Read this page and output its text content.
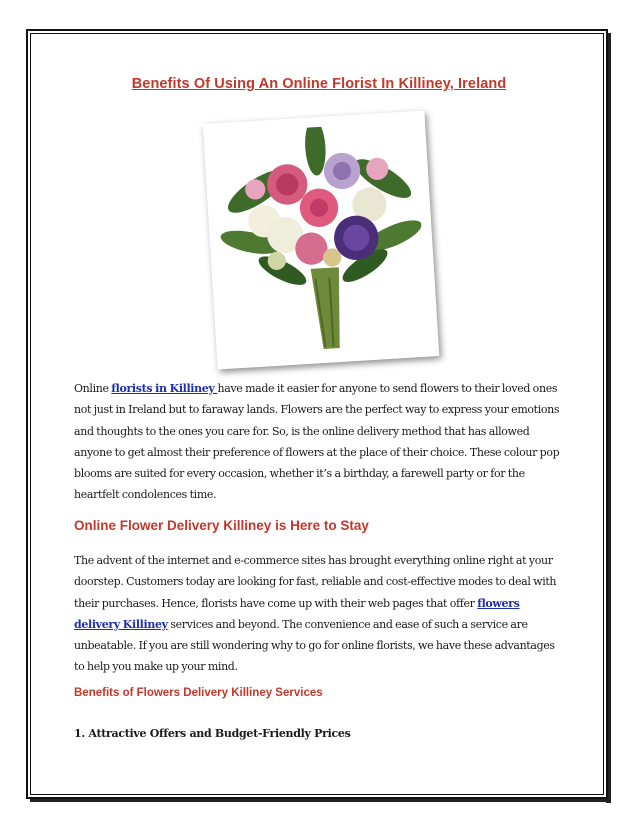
Benefits Of Using An Online Florist In Killiney, Ireland

Online florists in Killiney have made it easier for anyone to send flowers to their loved ones not just in Ireland but to faraway lands. Flowers are the perfect way to express your emotions and thoughts to the ones you care for. So, is the online delivery method that has allowed anyone to get almost their preference of flowers at the place of their choice. These colour pop blooms are suited for every occasion, whether it’s a birthday, a farewell party or for the heartfelt condolences time.

Online Flower Delivery Killiney is Here to Stay

The advent of the internet and e-commerce sites has brought everything online right at your doorstep. Customers today are looking for fast, reliable and cost-effective modes to deal with their purchases. Hence, florists have come up with their web pages that offer flowers delivery Killiney services and beyond. The convenience and ease of such a service are unbeatable. If you are still wondering why to go for online florists, we have these advantages to help you make up your mind.

Benefits of Flowers Delivery Killiney Services
1. Attractive Offers and Budget-Friendly Prices
